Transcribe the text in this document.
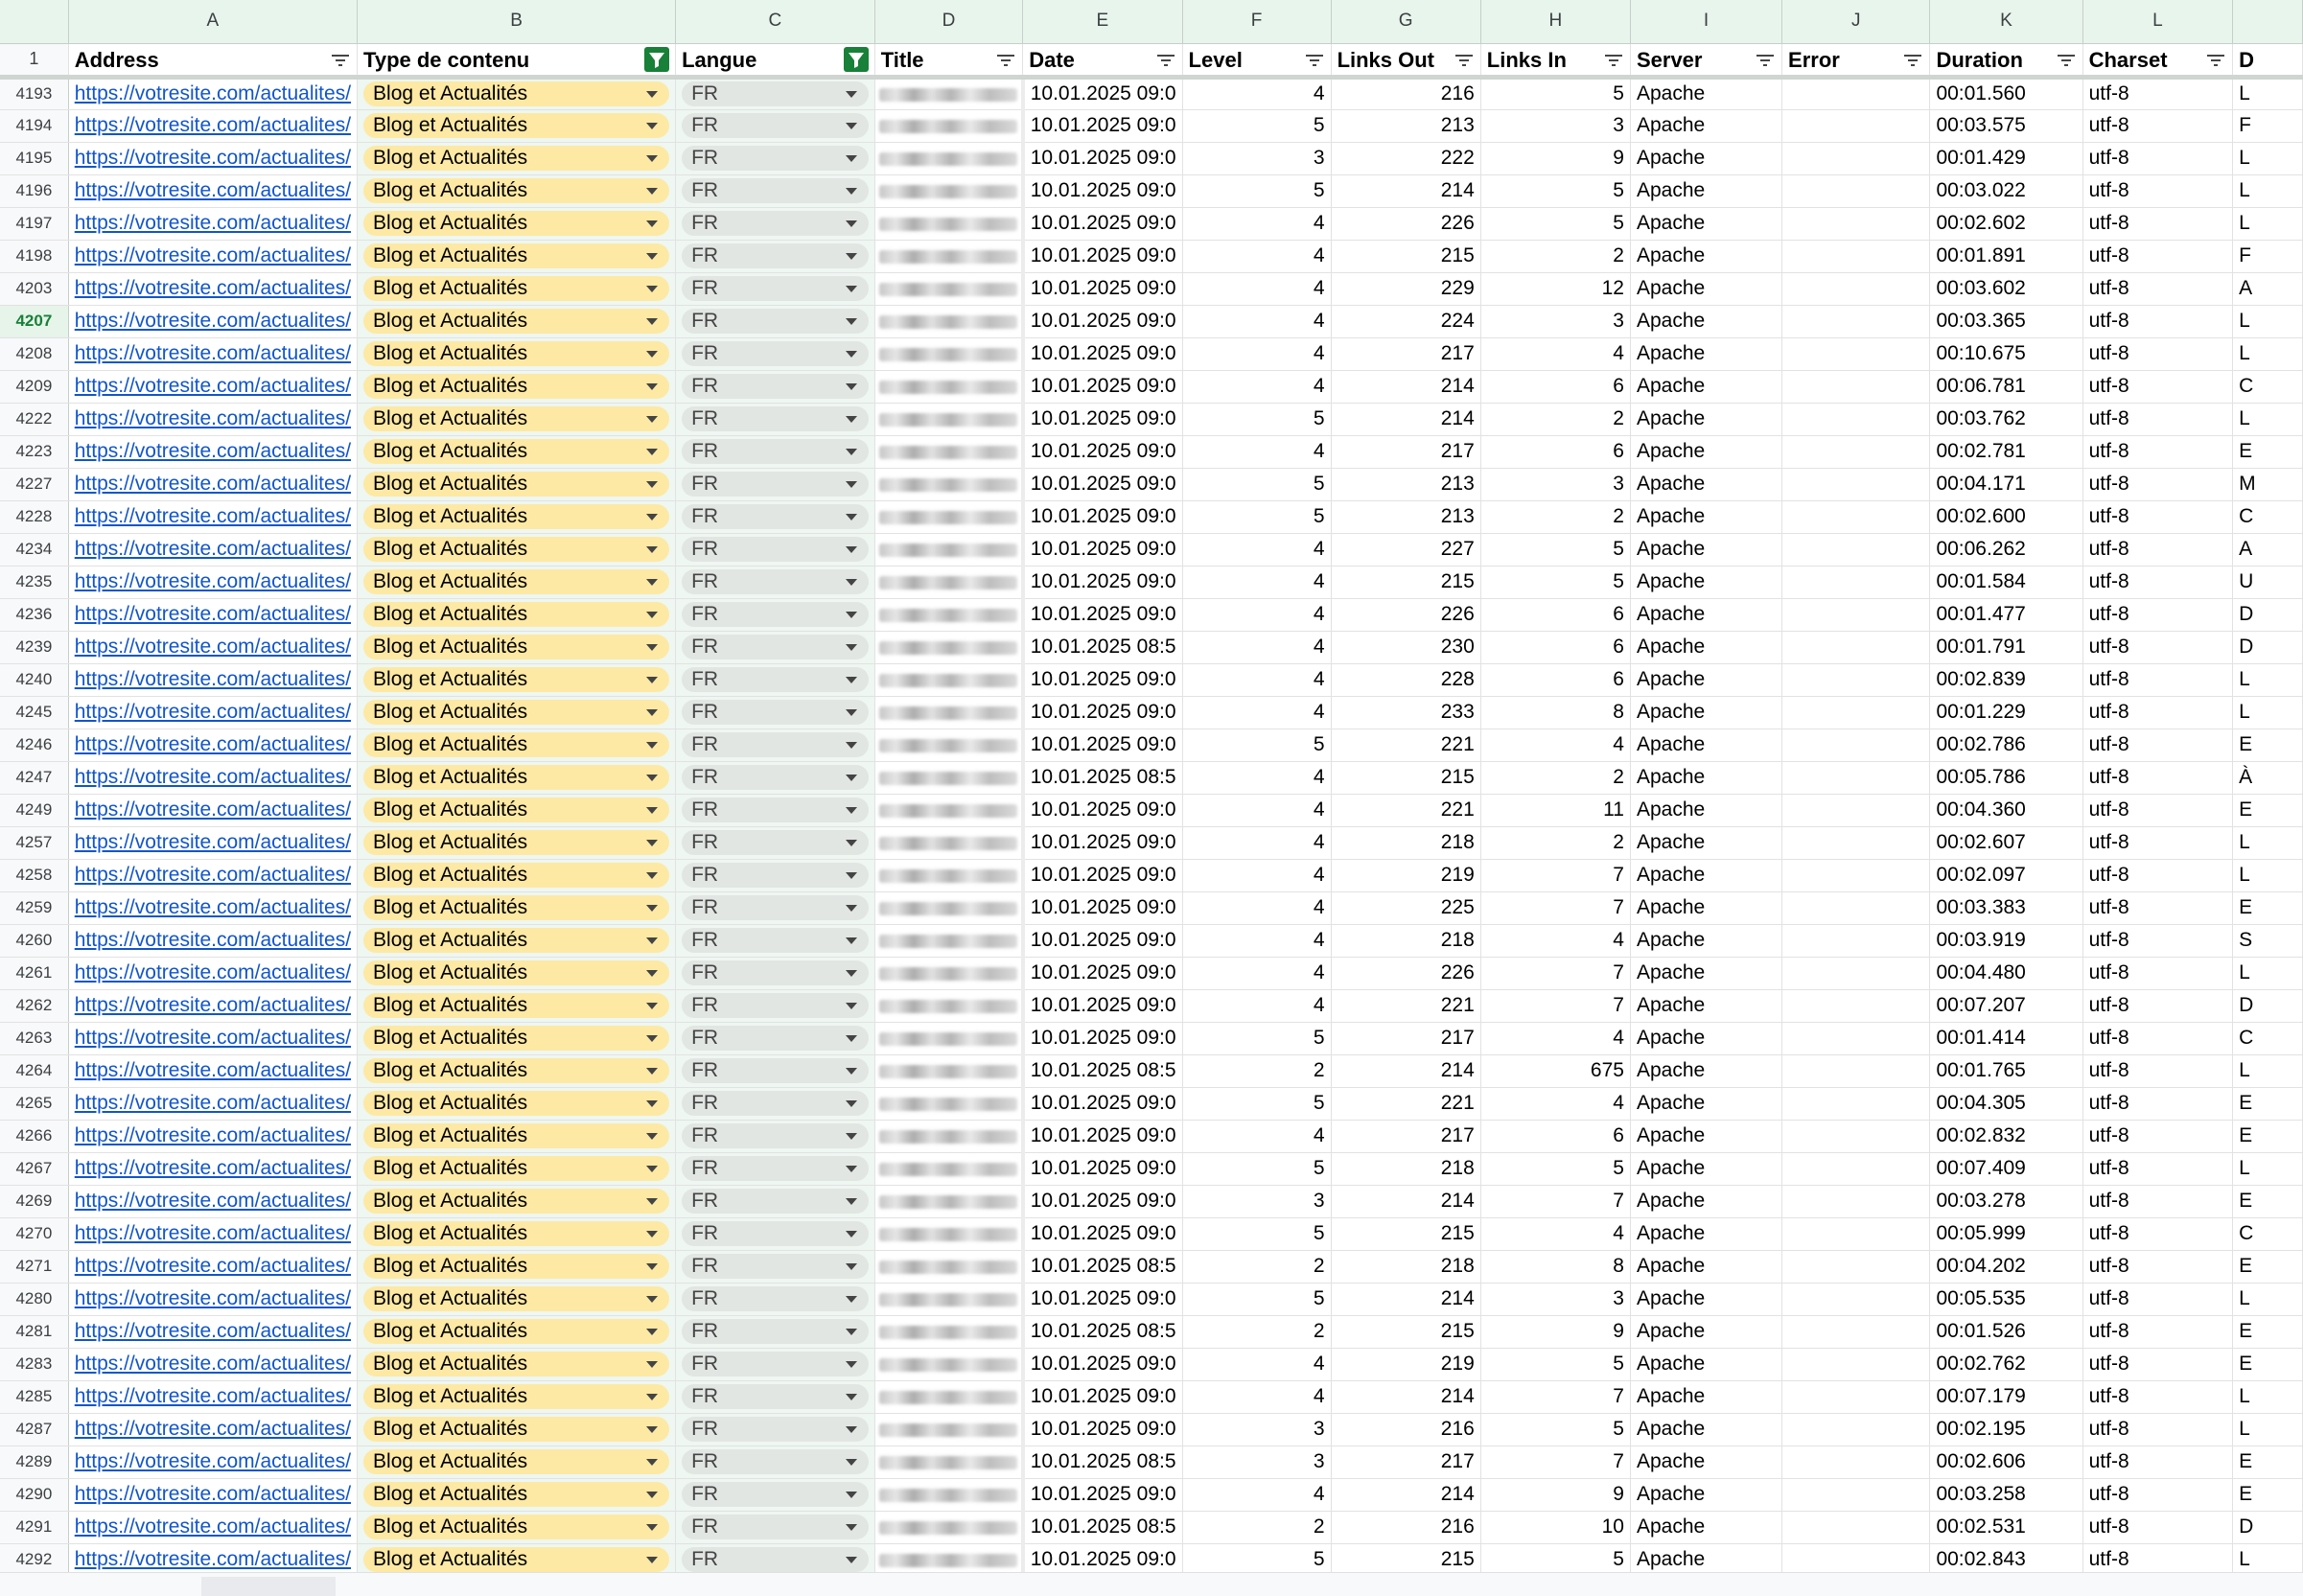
	A	B	C	D	E	F	G	H	I	J	K	L	
1	Address	Type de contenu	Langue	Title	Date	Level	Links Out	Links In	Server	Error	Duration	Charset	D

4193	https://votresite.com/actualites/	Blog et Actualités	FR		10.01.2025 09:0	4	216	5	Apache		00:01.560	utf-8	L
4194	https://votresite.com/actualites/	Blog et Actualités	FR		10.01.2025 09:0	5	213	3	Apache		00:03.575	utf-8	F
4195	https://votresite.com/actualites/	Blog et Actualités	FR		10.01.2025 09:0	3	222	9	Apache		00:01.429	utf-8	L
4196	https://votresite.com/actualites/	Blog et Actualités	FR		10.01.2025 09:0	5	214	5	Apache		00:03.022	utf-8	L
4197	https://votresite.com/actualites/	Blog et Actualités	FR		10.01.2025 09:0	4	226	5	Apache		00:02.602	utf-8	L
4198	https://votresite.com/actualites/	Blog et Actualités	FR		10.01.2025 09:0	4	215	2	Apache		00:01.891	utf-8	F
4203	https://votresite.com/actualites/	Blog et Actualités	FR		10.01.2025 09:0	4	229	12	Apache		00:03.602	utf-8	A
4207	https://votresite.com/actualites/	Blog et Actualités	FR		10.01.2025 09:0	4	224	3	Apache		00:03.365	utf-8	L
4208	https://votresite.com/actualites/	Blog et Actualités	FR		10.01.2025 09:0	4	217	4	Apache		00:10.675	utf-8	L
4209	https://votresite.com/actualites/	Blog et Actualités	FR		10.01.2025 09:0	4	214	6	Apache		00:06.781	utf-8	C
4222	https://votresite.com/actualites/	Blog et Actualités	FR		10.01.2025 09:0	5	214	2	Apache		00:03.762	utf-8	L
4223	https://votresite.com/actualites/	Blog et Actualités	FR		10.01.2025 09:0	4	217	6	Apache		00:02.781	utf-8	E
4227	https://votresite.com/actualites/	Blog et Actualités	FR		10.01.2025 09:0	5	213	3	Apache		00:04.171	utf-8	M
4228	https://votresite.com/actualites/	Blog et Actualités	FR		10.01.2025 09:0	5	213	2	Apache		00:02.600	utf-8	C
4234	https://votresite.com/actualites/	Blog et Actualités	FR		10.01.2025 09:0	4	227	5	Apache		00:06.262	utf-8	A
4235	https://votresite.com/actualites/	Blog et Actualités	FR		10.01.2025 09:0	4	215	5	Apache		00:01.584	utf-8	U
4236	https://votresite.com/actualites/	Blog et Actualités	FR		10.01.2025 09:0	4	226	6	Apache		00:01.477	utf-8	D
4239	https://votresite.com/actualites/	Blog et Actualités	FR		10.01.2025 08:5	4	230	6	Apache		00:01.791	utf-8	D
4240	https://votresite.com/actualites/	Blog et Actualités	FR		10.01.2025 09:0	4	228	6	Apache		00:02.839	utf-8	L
4245	https://votresite.com/actualites/	Blog et Actualités	FR		10.01.2025 09:0	4	233	8	Apache		00:01.229	utf-8	L
4246	https://votresite.com/actualites/	Blog et Actualités	FR		10.01.2025 09:0	5	221	4	Apache		00:02.786	utf-8	E
4247	https://votresite.com/actualites/	Blog et Actualités	FR		10.01.2025 08:5	4	215	2	Apache		00:05.786	utf-8	À
4249	https://votresite.com/actualites/	Blog et Actualités	FR		10.01.2025 09:0	4	221	11	Apache		00:04.360	utf-8	E
4257	https://votresite.com/actualites/	Blog et Actualités	FR		10.01.2025 09:0	4	218	2	Apache		00:02.607	utf-8	L
4258	https://votresite.com/actualites/	Blog et Actualités	FR		10.01.2025 09:0	4	219	7	Apache		00:02.097	utf-8	L
4259	https://votresite.com/actualites/	Blog et Actualités	FR		10.01.2025 09:0	4	225	7	Apache		00:03.383	utf-8	E
4260	https://votresite.com/actualites/	Blog et Actualités	FR		10.01.2025 09:0	4	218	4	Apache		00:03.919	utf-8	S
4261	https://votresite.com/actualites/	Blog et Actualités	FR		10.01.2025 09:0	4	226	7	Apache		00:04.480	utf-8	L
4262	https://votresite.com/actualites/	Blog et Actualités	FR		10.01.2025 09:0	4	221	7	Apache		00:07.207	utf-8	D
4263	https://votresite.com/actualites/	Blog et Actualités	FR		10.01.2025 09:0	5	217	4	Apache		00:01.414	utf-8	C
4264	https://votresite.com/actualites/	Blog et Actualités	FR		10.01.2025 08:5	2	214	675	Apache		00:01.765	utf-8	L
4265	https://votresite.com/actualites/	Blog et Actualités	FR		10.01.2025 09:0	5	221	4	Apache		00:04.305	utf-8	E
4266	https://votresite.com/actualites/	Blog et Actualités	FR		10.01.2025 09:0	4	217	6	Apache		00:02.832	utf-8	E
4267	https://votresite.com/actualites/	Blog et Actualités	FR		10.01.2025 09:0	5	218	5	Apache		00:07.409	utf-8	L
4269	https://votresite.com/actualites/	Blog et Actualités	FR		10.01.2025 09:0	3	214	7	Apache		00:03.278	utf-8	E
4270	https://votresite.com/actualites/	Blog et Actualités	FR		10.01.2025 09:0	5	215	4	Apache		00:05.999	utf-8	C
4271	https://votresite.com/actualites/	Blog et Actualités	FR		10.01.2025 08:5	2	218	8	Apache		00:04.202	utf-8	E
4280	https://votresite.com/actualites/	Blog et Actualités	FR		10.01.2025 09:0	5	214	3	Apache		00:05.535	utf-8	L
4281	https://votresite.com/actualites/	Blog et Actualités	FR		10.01.2025 08:5	2	215	9	Apache		00:01.526	utf-8	E
4283	https://votresite.com/actualites/	Blog et Actualités	FR		10.01.2025 09:0	4	219	5	Apache		00:02.762	utf-8	E
4285	https://votresite.com/actualites/	Blog et Actualités	FR		10.01.2025 09:0	4	214	7	Apache		00:07.179	utf-8	L
4287	https://votresite.com/actualites/	Blog et Actualités	FR		10.01.2025 09:0	3	216	5	Apache		00:02.195	utf-8	L
4289	https://votresite.com/actualites/	Blog et Actualités	FR		10.01.2025 08:5	3	217	7	Apache		00:02.606	utf-8	E
4290	https://votresite.com/actualites/	Blog et Actualités	FR		10.01.2025 09:0	4	214	9	Apache		00:03.258	utf-8	E
4291	https://votresite.com/actualites/	Blog et Actualités	FR		10.01.2025 08:5	2	216	10	Apache		00:02.531	utf-8	D
4292	https://votresite.com/actualites/	Blog et Actualités	FR		10.01.2025 09:0	5	215	5	Apache		00:02.843	utf-8	L
